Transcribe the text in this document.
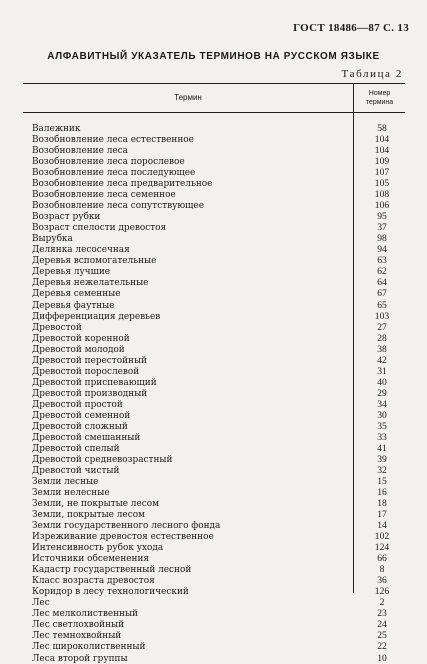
ГОСТ 18486—87 С. 13
АЛФАВИТНЫЙ УКАЗАТЕЛЬ ТЕРМИНОВ НА РУССКОМ ЯЗЫКЕ
Таблица 2
Термин	Номер
термина
Валежник	58
Возобновление леса естественное	104
Возобновление леса	104
Возобновление леса порослевое	109
Возобновление леса последующее	107
Возобновление леса предварительное	105
Возобновление леса семенное	108
Возобновление леса сопутствующее	106
Возраст рубки	95
Возраст спелости древостоя	37
Вырубка	98
Делянка лесосечная	94
Деревья вспомогательные	63
Деревья лучшие	62
Деревья нежелательные	64
Деревья семенные	67
Деревья фаутные	65
Дифференциация деревьев	103
Древостой	27
Древостой коренной	28
Древостой молодой	38
Древостой перестойный	42
Древостой порослевой	31
Древостой приспевающий	40
Древостой производный	29
Древостой простой	34
Древостой семенной	30
Древостой сложный	35
Древостой смешанный	33
Древостой спелый	41
Древостой средневозрастный	39
Древостой чистый	32
Земли лесные	15
Земли нелесные	16
Земли, не покрытые лесом	18
Земли, покрытые лесом	17
Земли государственного лесного фонда	14
Изреживание древостоя естественное	102
Интенсивность рубок ухода	124
Источники обсеменения	66
Кадастр государственный лесной	8
Класс возраста древостоя	36
Коридор в лесу технологический	126
Лес	2
Лес мелколиственный	23
Лес светлохвойный	24
Лес темнохвойный	25
Лес широколиственный	22
Леса второй группы	10
